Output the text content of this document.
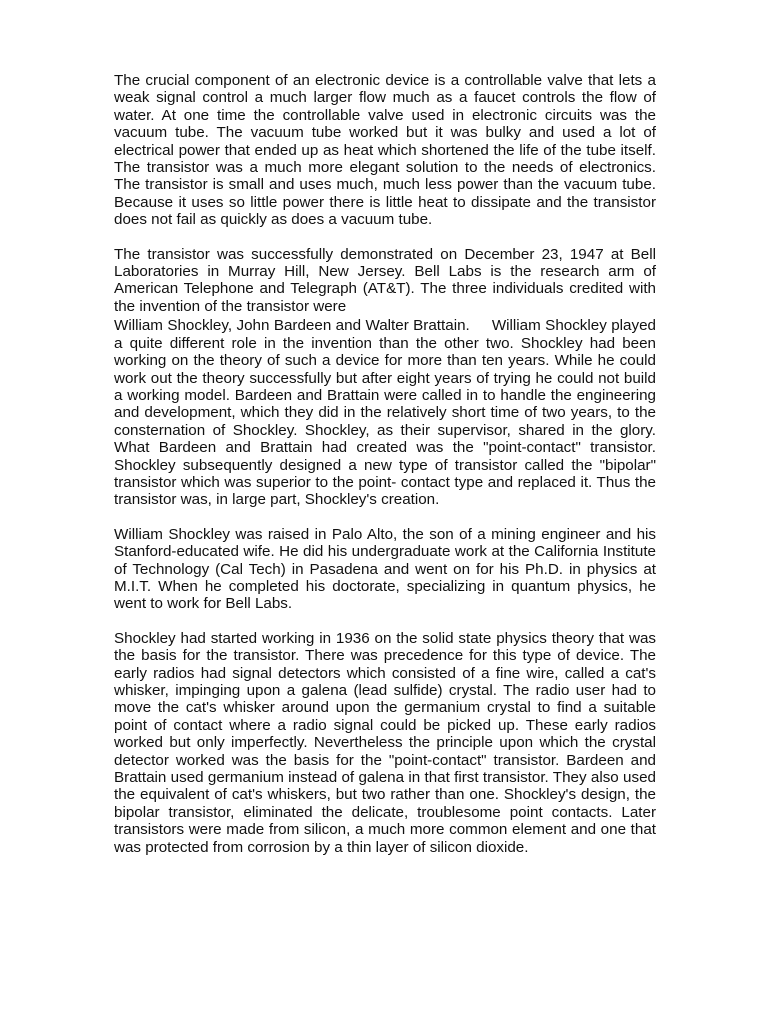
The crucial component of an electronic device is a controllable valve that lets a weak signal control a much larger flow much as a faucet controls the flow of water. At one time the controllable valve used in electronic circuits was the vacuum tube. The vacuum tube worked but it was bulky and used a lot of electrical power that ended up as heat which shortened the life of the tube itself. The transistor was a much more elegant solution to the needs of electronics. The transistor is small and uses much, much less power than the vacuum tube. Because it uses so little power there is little heat to dissipate and the transistor does not fail as quickly as does a vacuum tube.

The transistor was successfully demonstrated on December 23, 1947 at Bell Laboratories in Murray Hill, New Jersey. Bell Labs is the research arm of American Telephone and Telegraph (AT&T). The three individuals credited with the invention of the transistor were

William Shockley, John Bardeen and Walter Brattain.     William Shockley played a quite different role in the invention than the other two. Shockley had been working on the theory of such a device for more than ten years. While he could work out the theory successfully but after eight years of trying he could not build a working model. Bardeen and Brattain were called in to handle the engineering and development, which they did in the relatively short time of two years, to the consternation of Shockley. Shockley, as their supervisor, shared in the glory. What Bardeen and Brattain had created was the "point-contact" transistor. Shockley subsequently designed a new type of transistor called the "bipolar" transistor which was superior to the point- contact type and replaced it. Thus the transistor was, in large part, Shockley's creation.

William Shockley was raised in Palo Alto, the son of a mining engineer and his Stanford-educated wife. He did his undergraduate work at the California Institute of Technology (Cal Tech) in Pasadena and went on for his Ph.D. in physics at M.I.T. When he completed his doctorate, specializing in quantum physics, he went to work for Bell Labs.

Shockley had started working in 1936 on the solid state physics theory that was the basis for the transistor. There was precedence for this type of device. The early radios had signal detectors which consisted of a fine wire, called a cat's whisker, impinging upon a galena (lead sulfide) crystal. The radio user had to move the cat's whisker around upon the germanium crystal to find a suitable point of contact where a radio signal could be picked up. These early radios worked but only imperfectly. Nevertheless the principle upon which the crystal detector worked was the basis for the "point-contact" transistor. Bardeen and Brattain used germanium instead of galena in that first transistor. They also used the equivalent of cat's whiskers, but two rather than one. Shockley's design, the bipolar transistor, eliminated the delicate, troublesome point contacts. Later transistors were made from silicon, a much more common element and one that was protected from corrosion by a thin layer of silicon dioxide.
